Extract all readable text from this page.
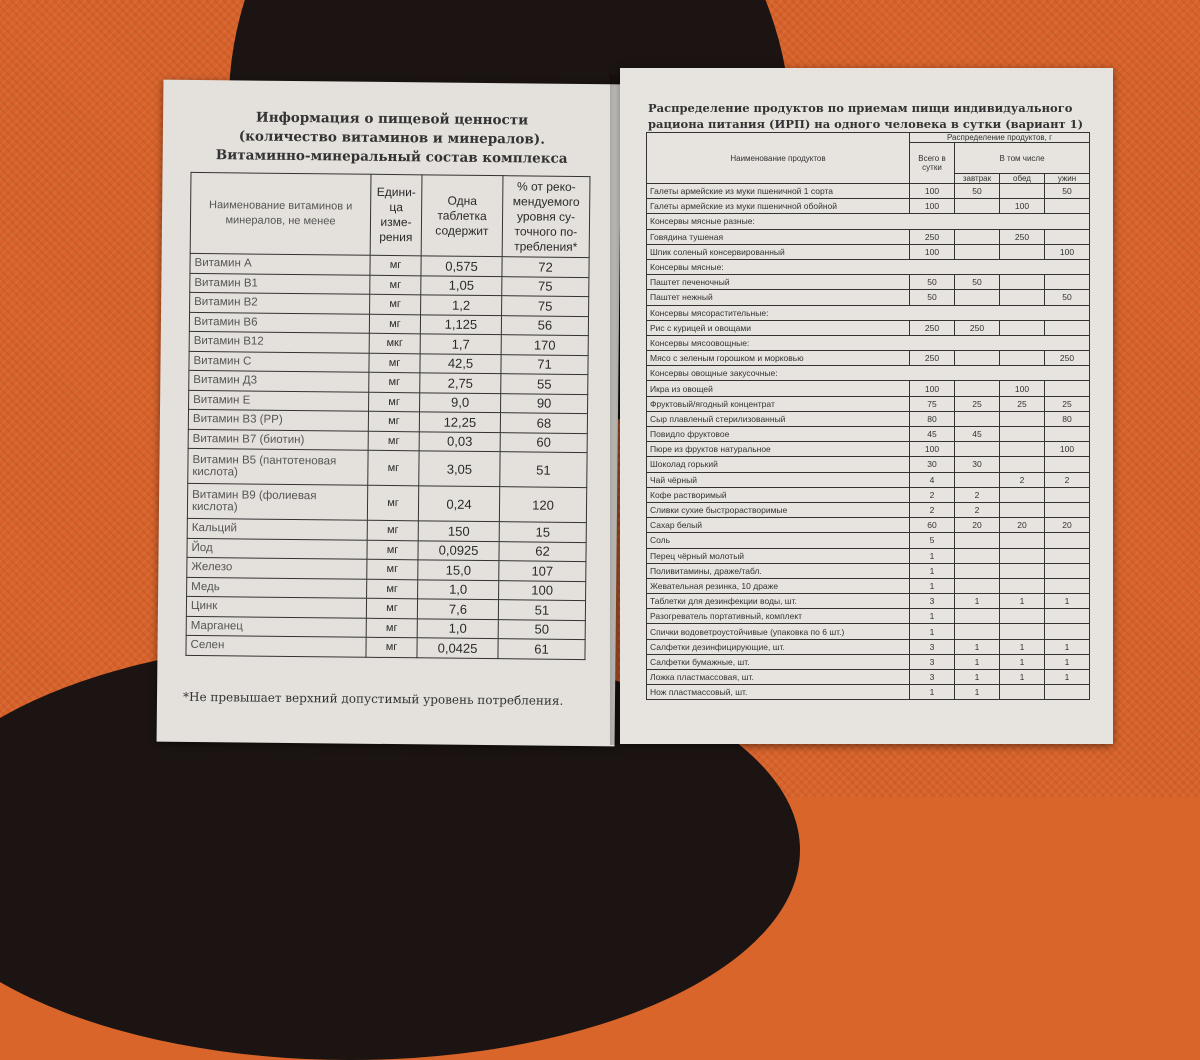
Информация о пищевой ценности
(количество витаминов и минералов).
Витаминно-минеральный состав комплекса
Наименование витаминов и минералов, не менее	Едини- ца изме- рения	Одна таблетка содержит	% от реко- мендуемого уровня су- точного по- требления*
Витамин А	мг	0,575	72
Витамин В1	мг	1,05	75
Витамин В2	мг	1,2	75
Витамин В6	мг	1,125	56
Витамин В12	мкг	1,7	170
Витамин С	мг	42,5	71
Витамин Д3	мг	2,75	55
Витамин Е	мг	9,0	90
Витамин В3 (РР)	мг	12,25	68
Витамин В7 (биотин)	мг	0,03	60
Витамин В5 (пантотеновая кислота)	мг	3,05	51
Витамин В9 (фолиевая кислота)	мг	0,24	120
Кальций	мг	150	15
Йод	мг	0,0925	62
Железо	мг	15,0	107
Медь	мг	1,0	100
Цинк	мг	7,6	51
Марганец	мг	1,0	50
Селен	мг	0,0425	61
*Не превышает верхний допустимый уровень потребления.
Распределение продуктов по приемам пищи индивидуального
рациона питания (ИРП) на одного человека в сутки (вариант 1)
Наименование продуктов	Распределение продуктов, г			
	Всего в сутки	В том числе		
		завтрак	обед	ужин
Галеты армейские из муки пшеничной 1 сорта	100	50		50
Галеты армейские из муки пшеничной обойной	100		100	
Консервы мясные разные:				
Говядина тушеная	250		250	
Шпик соленый консервированный	100			100
Консервы мясные:				
Паштет печеночный	50	50		
Паштет нежный	50			50
Консервы мясорастительные:				
Рис с курицей и овощами	250	250		
Консервы мясоовощные:				
Мясо с зеленым горошком и морковью	250			250
Консервы овощные закусочные:				
Икра из овощей	100		100	
Фруктовый/ягодный концентрат	75	25	25	25
Сыр плавленый стерилизованный	80			80
Повидло фруктовое	45	45		
Пюре из фруктов натуральное	100			100
Шоколад горький	30	30		
Чай чёрный	4		2	2
Кофе растворимый	2	2		
Сливки сухие быстрорастворимые	2	2		
Сахар белый	60	20	20	20
Соль	5			
Перец чёрный молотый	1			
Поливитамины, драже/табл.	1			
Жевательная резинка, 10 драже	1			
Таблетки для дезинфекции воды, шт.	3	1	1	1
Разогреватель портативный, комплект	1			
Спички водоветроустойчивые (упаковка по 6 шт.)	1			
Салфетки дезинфицирующие, шт.	3	1	1	1
Салфетки бумажные, шт.	3	1	1	1
Ложка пластмассовая, шт.	3	1	1	1
Нож пластмассовый, шт.	1	1		
